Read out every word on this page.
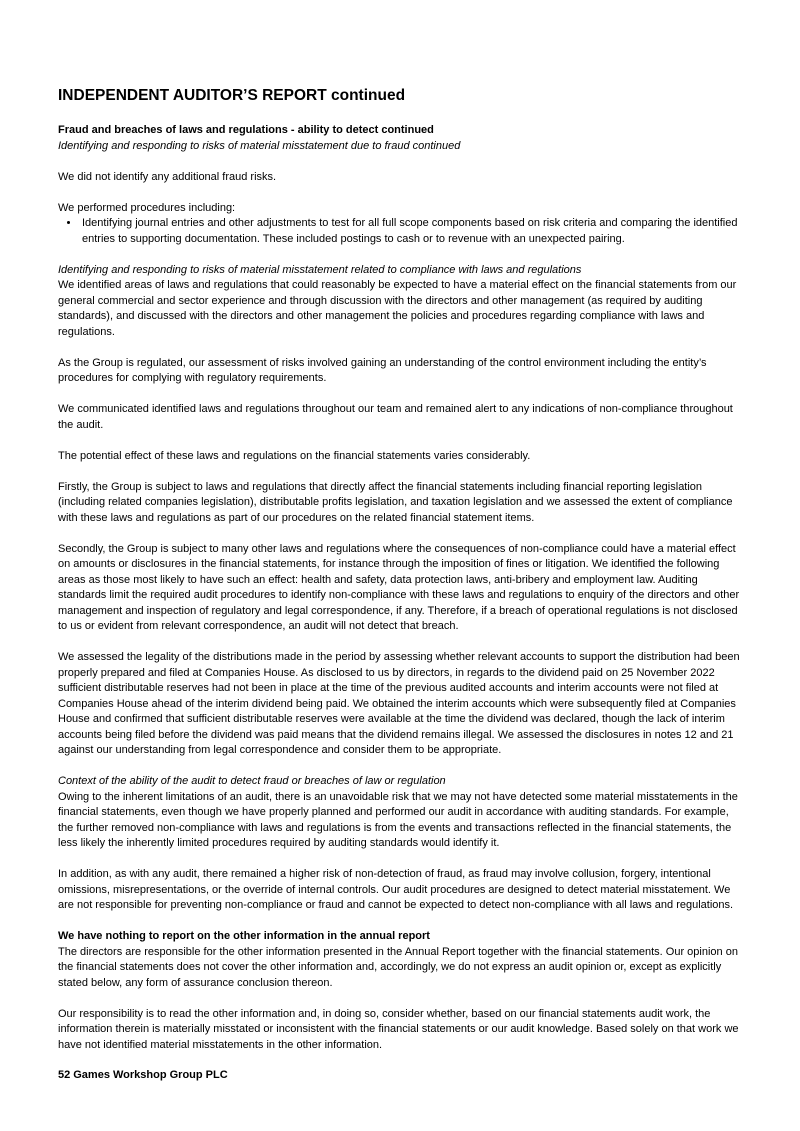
INDEPENDENT AUDITOR’S REPORT continued

Fraud and breaches of laws and regulations - ability to detect continued

Identifying and responding to risks of material misstatement due to fraud continued

We did not identify any additional fraud risks.

We performed procedures including:

• Identifying journal entries and other adjustments to test for all full scope components based on risk criteria and comparing the identified entries to supporting documentation. These included postings to cash or to revenue with an unexpected pairing.

Identifying and responding to risks of material misstatement related to compliance with laws and regulations

We identified areas of laws and regulations that could reasonably be expected to have a material effect on the financial statements from our general commercial and sector experience and through discussion with the directors and other management (as required by auditing standards), and discussed with the directors and other management the policies and procedures regarding compliance with laws and regulations.

As the Group is regulated, our assessment of risks involved gaining an understanding of the control environment including the entity’s procedures for complying with regulatory requirements.

We communicated identified laws and regulations throughout our team and remained alert to any indications of non-compliance throughout the audit.

The potential effect of these laws and regulations on the financial statements varies considerably.

Firstly, the Group is subject to laws and regulations that directly affect the financial statements including financial reporting legislation (including related companies legislation), distributable profits legislation, and taxation legislation and we assessed the extent of compliance with these laws and regulations as part of our procedures on the related financial statement items.

Secondly, the Group is subject to many other laws and regulations where the consequences of non-compliance could have a material effect on amounts or disclosures in the financial statements, for instance through the imposition of fines or litigation. We identified the following areas as those most likely to have such an effect: health and safety, data protection laws, anti-bribery and employment law. Auditing standards limit the required audit procedures to identify non-compliance with these laws and regulations to enquiry of the directors and other management and inspection of regulatory and legal correspondence, if any. Therefore, if a breach of operational regulations is not disclosed to us or evident from relevant correspondence, an audit will not detect that breach.

We assessed the legality of the distributions made in the period by assessing whether relevant accounts to support the distribution had been properly prepared and filed at Companies House. As disclosed to us by directors, in regards to the dividend paid on 25 November 2022 sufficient distributable reserves had not been in place at the time of the previous audited accounts and interim accounts were not filed at Companies House ahead of the interim dividend being paid. We obtained the interim accounts which were subsequently filed at Companies House and confirmed that sufficient distributable reserves were available at the time the dividend was declared, though the lack of interim accounts being filed before the dividend was paid means that the dividend remains illegal. We assessed the disclosures in notes 12 and 21 against our understanding from legal correspondence and consider them to be appropriate.

Context of the ability of the audit to detect fraud or breaches of law or regulation

Owing to the inherent limitations of an audit, there is an unavoidable risk that we may not have detected some material misstatements in the financial statements, even though we have properly planned and performed our audit in accordance with auditing standards. For example, the further removed non-compliance with laws and regulations is from the events and transactions reflected in the financial statements, the less likely the inherently limited procedures required by auditing standards would identify it.

In addition, as with any audit, there remained a higher risk of non-detection of fraud, as fraud may involve collusion, forgery, intentional omissions, misrepresentations, or the override of internal controls. Our audit procedures are designed to detect material misstatement. We are not responsible for preventing non-compliance or fraud and cannot be expected to detect non-compliance with all laws and regulations.

We have nothing to report on the other information in the annual report

The directors are responsible for the other information presented in the Annual Report together with the financial statements. Our opinion on the financial statements does not cover the other information and, accordingly, we do not express an audit opinion or, except as explicitly stated below, any form of assurance conclusion thereon.

Our responsibility is to read the other information and, in doing so, consider whether, based on our financial statements audit work, the information therein is materially misstated or inconsistent with the financial statements or our audit knowledge. Based solely on that work we have not identified material misstatements in the other information.

52 Games Workshop Group PLC
